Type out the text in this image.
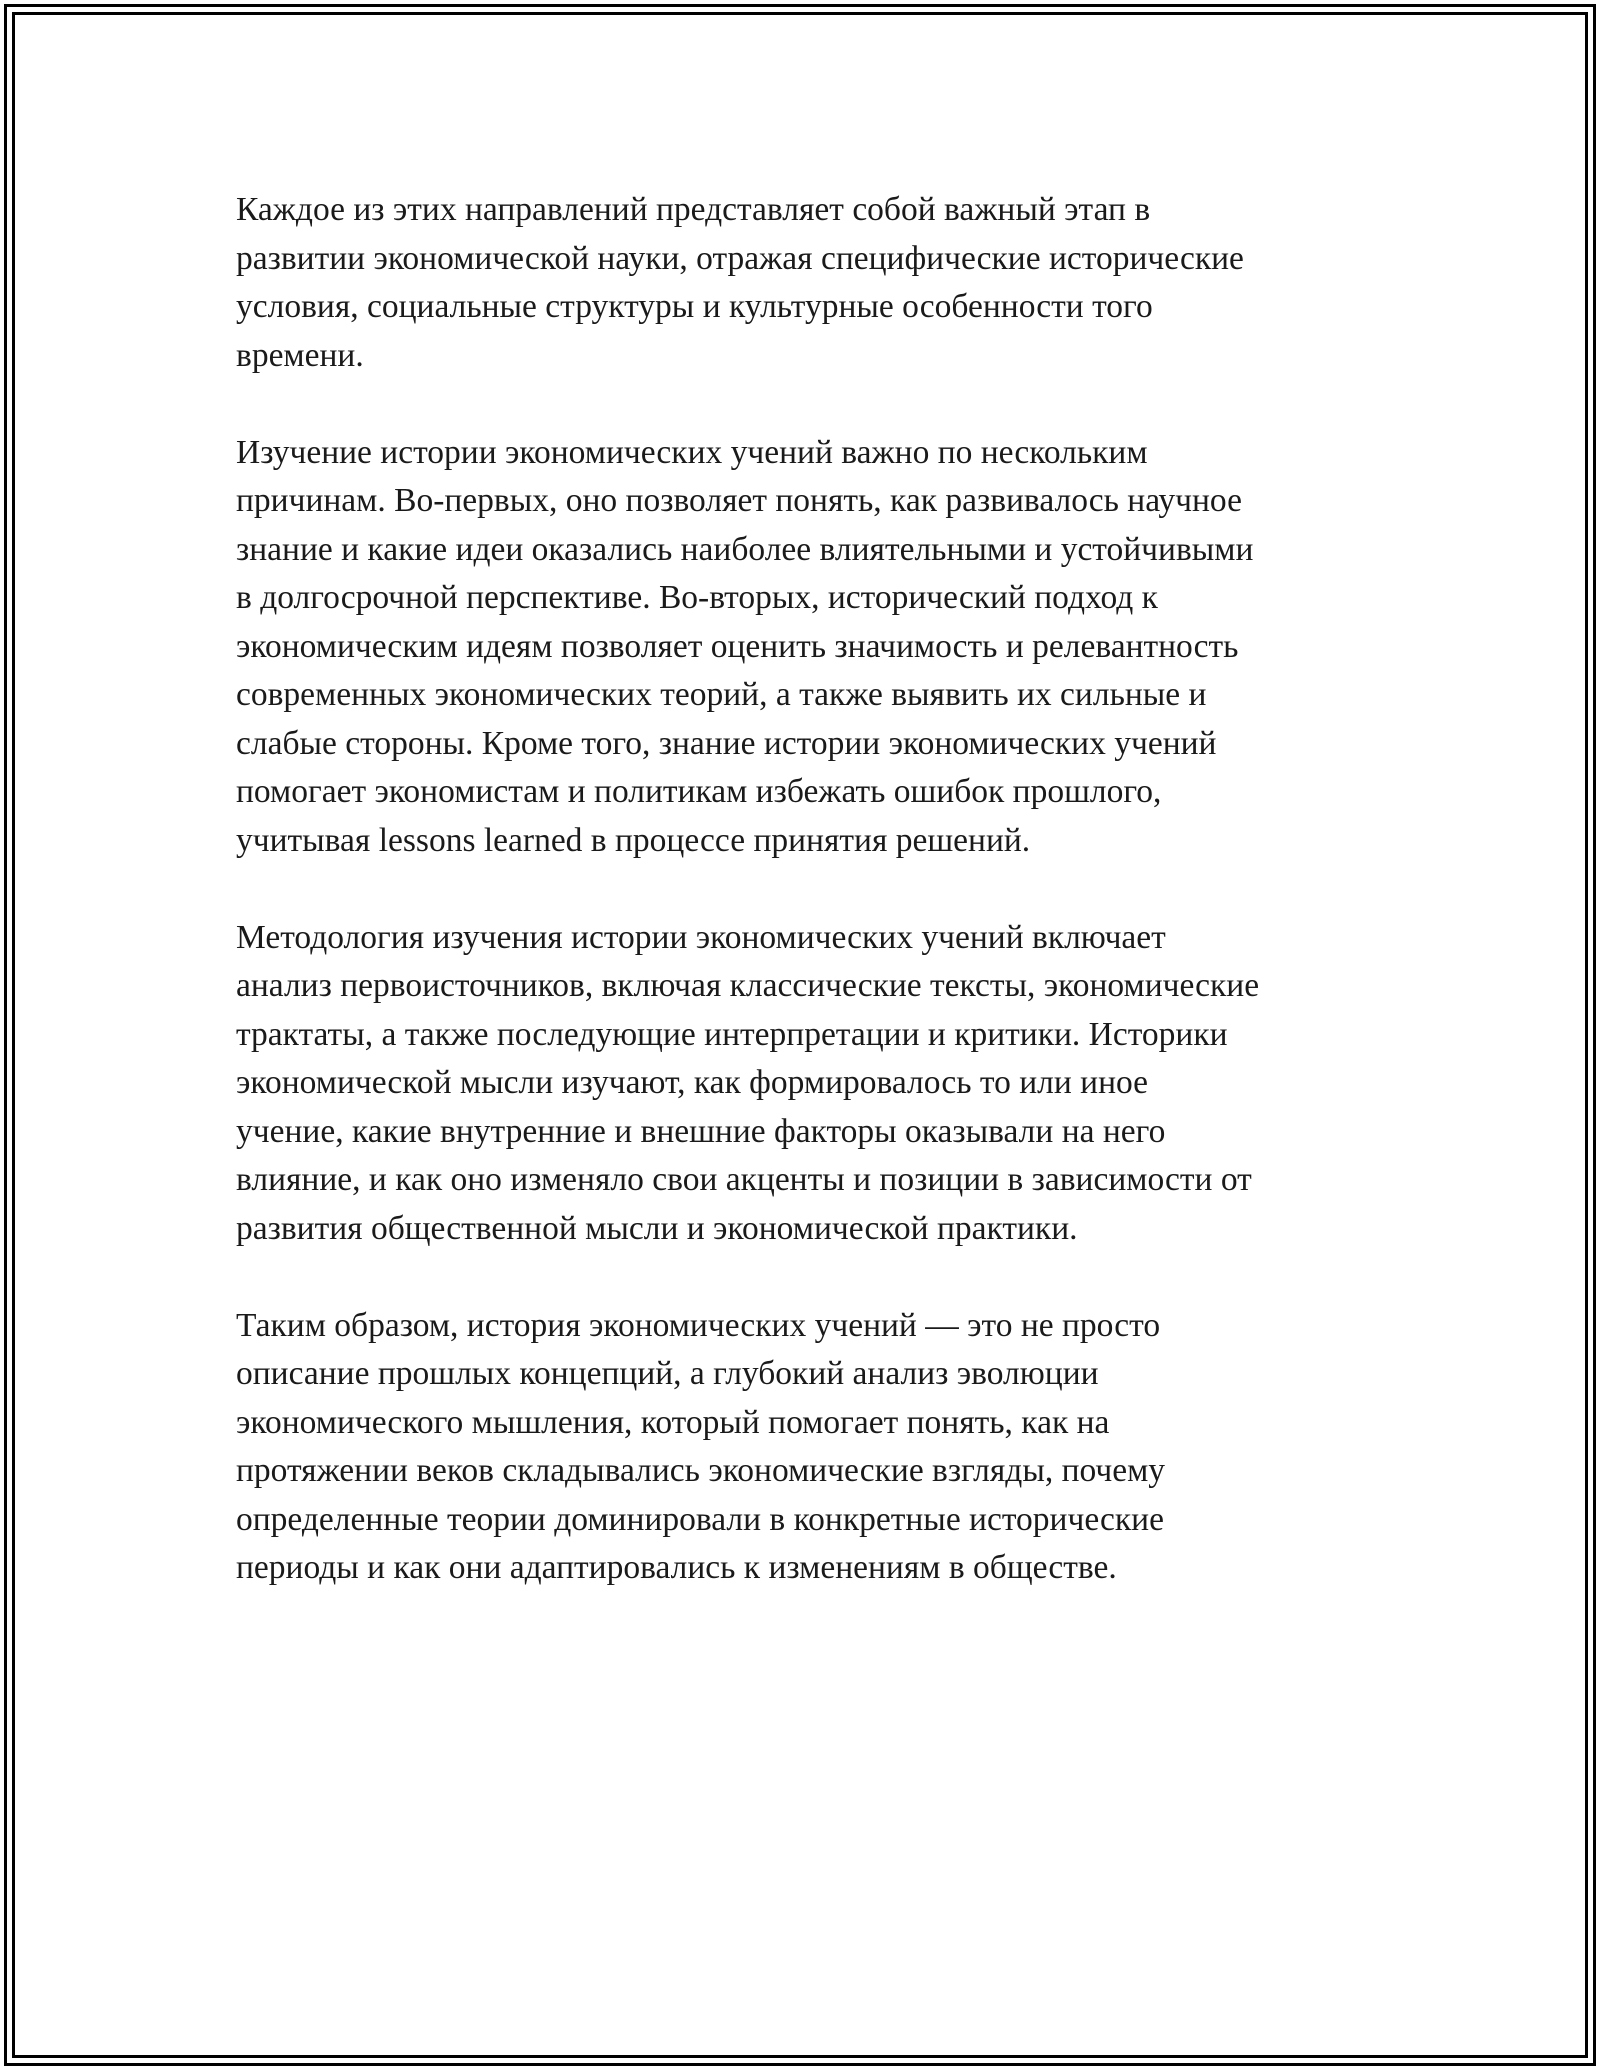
Каждое из этих направлений представляет собой важный этап в
развитии экономической науки, отражая специфические исторические
условия, социальные структуры и культурные особенности того
времени.

Изучение истории экономических учений важно по нескольким
причинам. Во-первых, оно позволяет понять, как развивалось научное
знание и какие идеи оказались наиболее влиятельными и устойчивыми
в долгосрочной перспективе. Во-вторых, исторический подход к
экономическим идеям позволяет оценить значимость и релевантность
современных экономических теорий, а также выявить их сильные и
слабые стороны. Кроме того, знание истории экономических учений
помогает экономистам и политикам избежать ошибок прошлого,
учитывая lessons learned в процессе принятия решений.

Методология изучения истории экономических учений включает
анализ первоисточников, включая классические тексты, экономические
трактаты, а также последующие интерпретации и критики. Историки
экономической мысли изучают, как формировалось то или иное
учение, какие внутренние и внешние факторы оказывали на него
влияние, и как оно изменяло свои акценты и позиции в зависимости от
развития общественной мысли и экономической практики.

Таким образом, история экономических учений — это не просто
описание прошлых концепций, а глубокий анализ эволюции
экономического мышления, который помогает понять, как на
протяжении веков складывались экономические взгляды, почему
определенные теории доминировали в конкретные исторические
периоды и как они адаптировались к изменениям в обществе.
